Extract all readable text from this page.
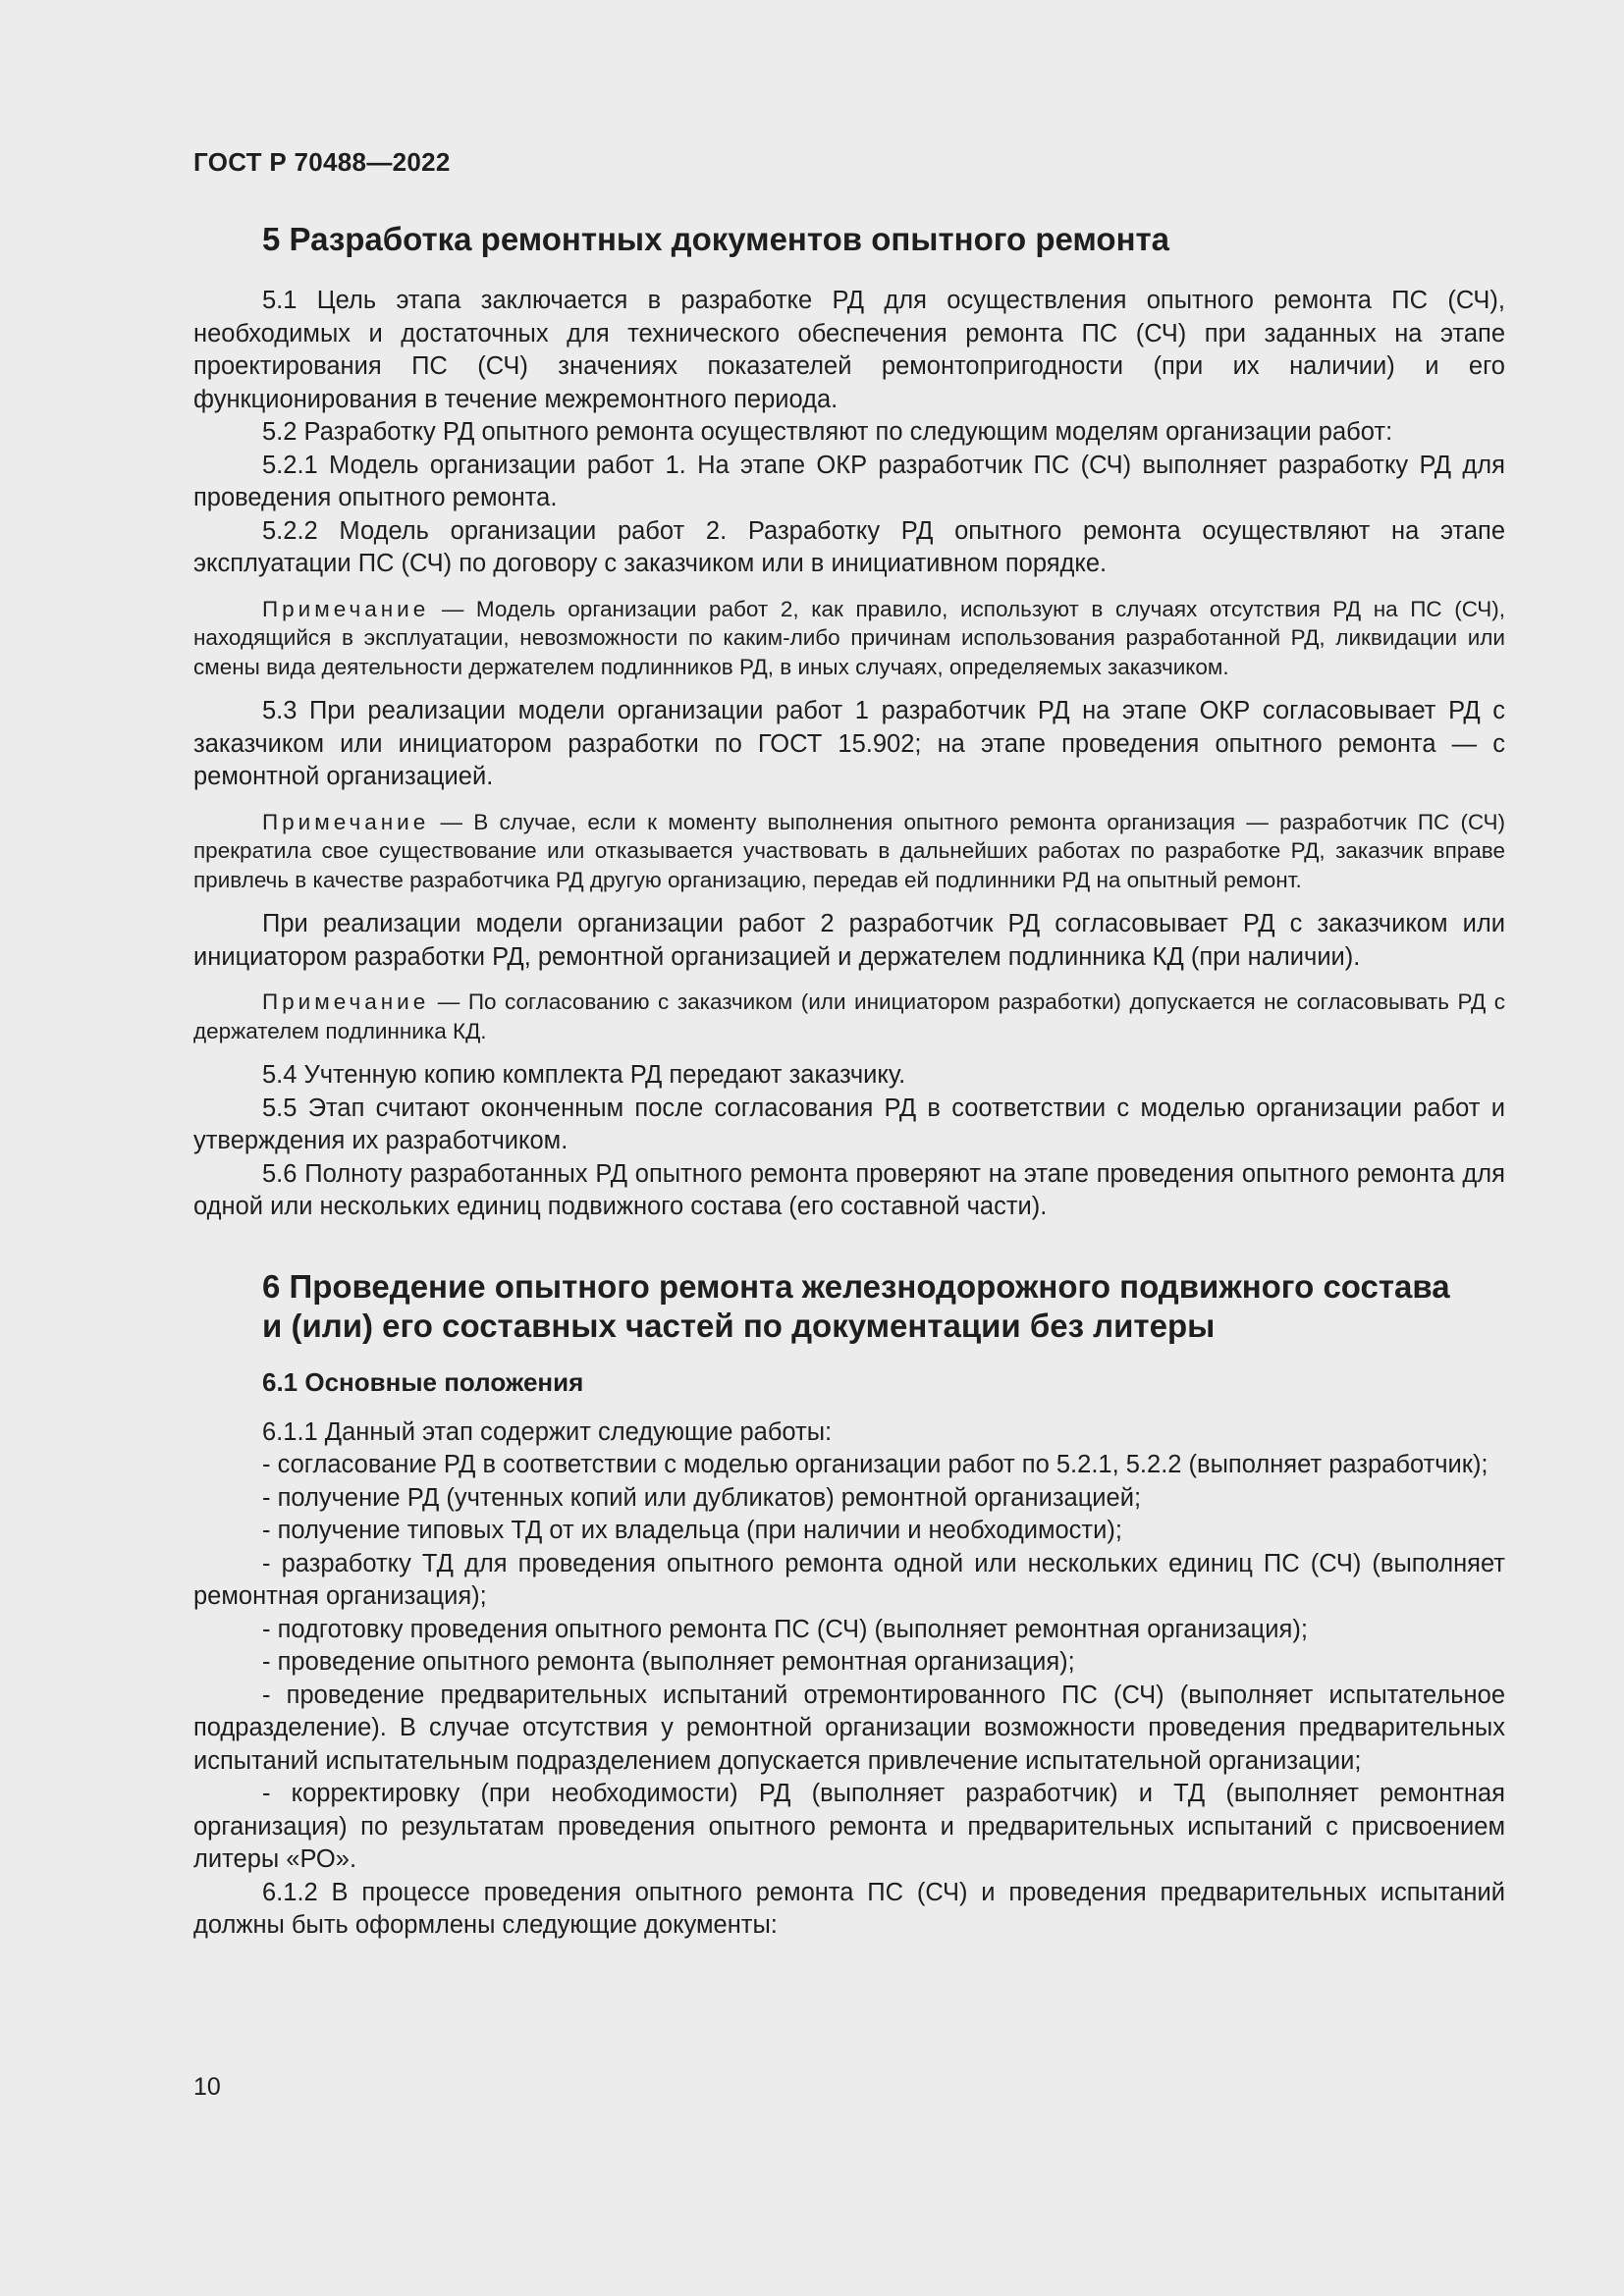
ГОСТ Р 70488—2022
5 Разработка ремонтных документов опытного ремонта

5.1 Цель этапа заключается в разработке РД для осуществления опытного ремонта ПС (СЧ), необходимых и достаточных для технического обеспечения ремонта ПС (СЧ) при заданных на этапе проектирования ПС (СЧ) значениях показателей ремонтопригодности (при их наличии) и его функционирования в течение межремонтного периода.

5.2 Разработку РД опытного ремонта осуществляют по следующим моделям организации работ:

5.2.1 Модель организации работ 1. На этапе ОКР разработчик ПС (СЧ) выполняет разработку РД для проведения опытного ремонта.

5.2.2 Модель организации работ 2. Разработку РД опытного ремонта осуществляют на этапе эксплуатации ПС (СЧ) по договору с заказчиком или в инициативном порядке.

Примечание — Модель организации работ 2, как правило, используют в случаях отсутствия РД на ПС (СЧ), находящийся в эксплуатации, невозможности по каким-либо причинам использования разработанной РД, ликвидации или смены вида деятельности держателем подлинников РД, в иных случаях, определяемых заказчиком.

5.3 При реализации модели организации работ 1 разработчик РД на этапе ОКР согласовывает РД с заказчиком или инициатором разработки по ГОСТ 15.902; на этапе проведения опытного ремонта — с ремонтной организацией.

Примечание — В случае, если к моменту выполнения опытного ремонта организация — разработчик ПС (СЧ) прекратила свое существование или отказывается участвовать в дальнейших работах по разработке РД, заказчик вправе привлечь в качестве разработчика РД другую организацию, передав ей подлинники РД на опытный ремонт.

При реализации модели организации работ 2 разработчик РД согласовывает РД с заказчиком или инициатором разработки РД, ремонтной организацией и держателем подлинника КД (при наличии).

Примечание — По согласованию с заказчиком (или инициатором разработки) допускается не согласовывать РД с держателем подлинника КД.

5.4 Учтенную копию комплекта РД передают заказчику.

5.5 Этап считают оконченным после согласования РД в соответствии с моделью организации работ и утверждения их разработчиком.

5.6 Полноту разработанных РД опытного ремонта проверяют на этапе проведения опытного ремонта для одной или нескольких единиц подвижного состава (его составной части).

6 Проведение опытного ремонта железнодорожного подвижного состава
и (или) его составных частей по документации без литеры
6.1 Основные положения

6.1.1 Данный этап содержит следующие работы:

- согласование РД в соответствии с моделью организации работ по 5.2.1, 5.2.2 (выполняет разработчик);

- получение РД (учтенных копий или дубликатов) ремонтной организацией;

- получение типовых ТД от их владельца (при наличии и необходимости);

- разработку ТД для проведения опытного ремонта одной или нескольких единиц ПС (СЧ) (выполняет ремонтная организация);

- подготовку проведения опытного ремонта ПС (СЧ) (выполняет ремонтная организация);

- проведение опытного ремонта (выполняет ремонтная организация);

- проведение предварительных испытаний отремонтированного ПС (СЧ) (выполняет испытательное подразделение). В случае отсутствия у ремонтной организации возможности проведения предварительных испытаний испытательным подразделением допускается привлечение испытательной организации;

- корректировку (при необходимости) РД (выполняет разработчик) и ТД (выполняет ремонтная организация) по результатам проведения опытного ремонта и предварительных испытаний с присвоением литеры «РО».

6.1.2 В процессе проведения опытного ремонта ПС (СЧ) и проведения предварительных испытаний должны быть оформлены следующие документы:

10
